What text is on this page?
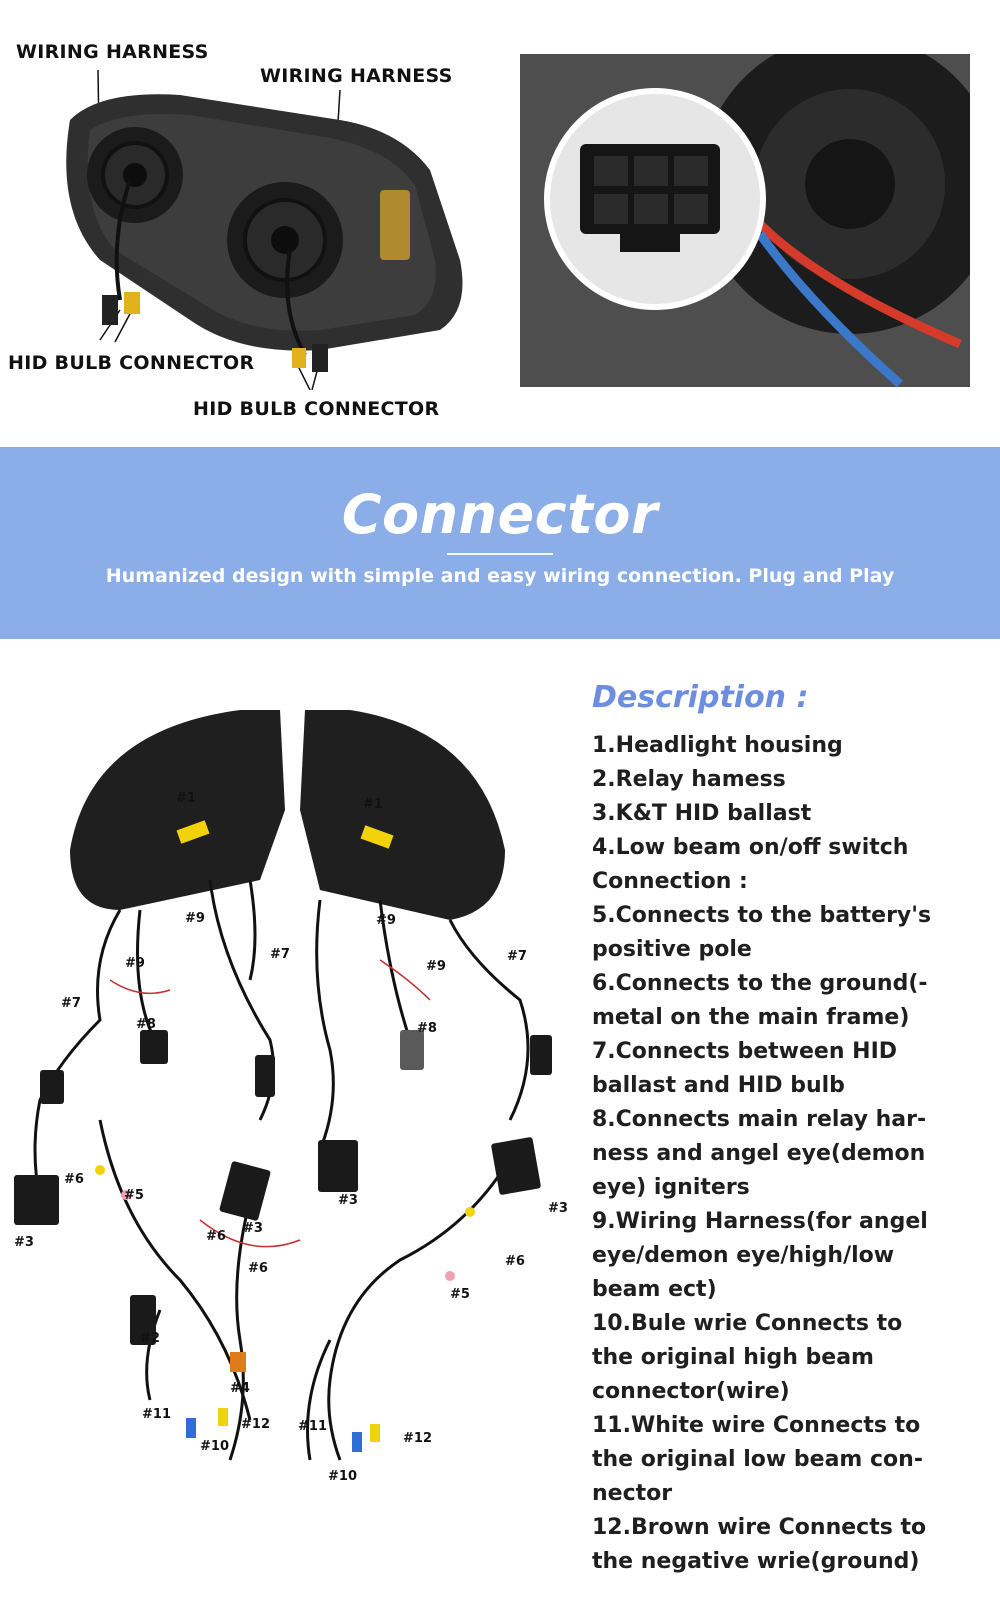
WIRING HARNESS
WIRING HARNESS
HID BULB CONNECTOR
HID BULB CONNECTOR
Connector
Humanized design with simple and easy wiring connection. Plug and Play
#1	#1
#9
#9
#9
#9
#7
#7	#7
#8	#8
#3
#3
#3
#3
#6
#6
#6	#6
#5
#5
#2
#4
#11
#11
#12
#12
#10
#10
Description :
1.Headlight housing
2.Relay hamess
3.K&T HID ballast
4.Low beam on/off switch
Connection :
5.Connects to the battery's
positive pole
6.Connects to the ground(-
metal on the main frame)
7.Connects between HID
ballast and HID bulb
8.Connects main relay har-
ness and angel eye(demon
eye) igniters
9.Wiring Harness(for angel
eye/demon eye/high/low
beam ect)
10.Bule wrie Connects to
the original high beam
connector(wire)
11.White wire Connects to
the original low beam con-
nector
12.Brown wire Connects to
the negative wrie(ground)
